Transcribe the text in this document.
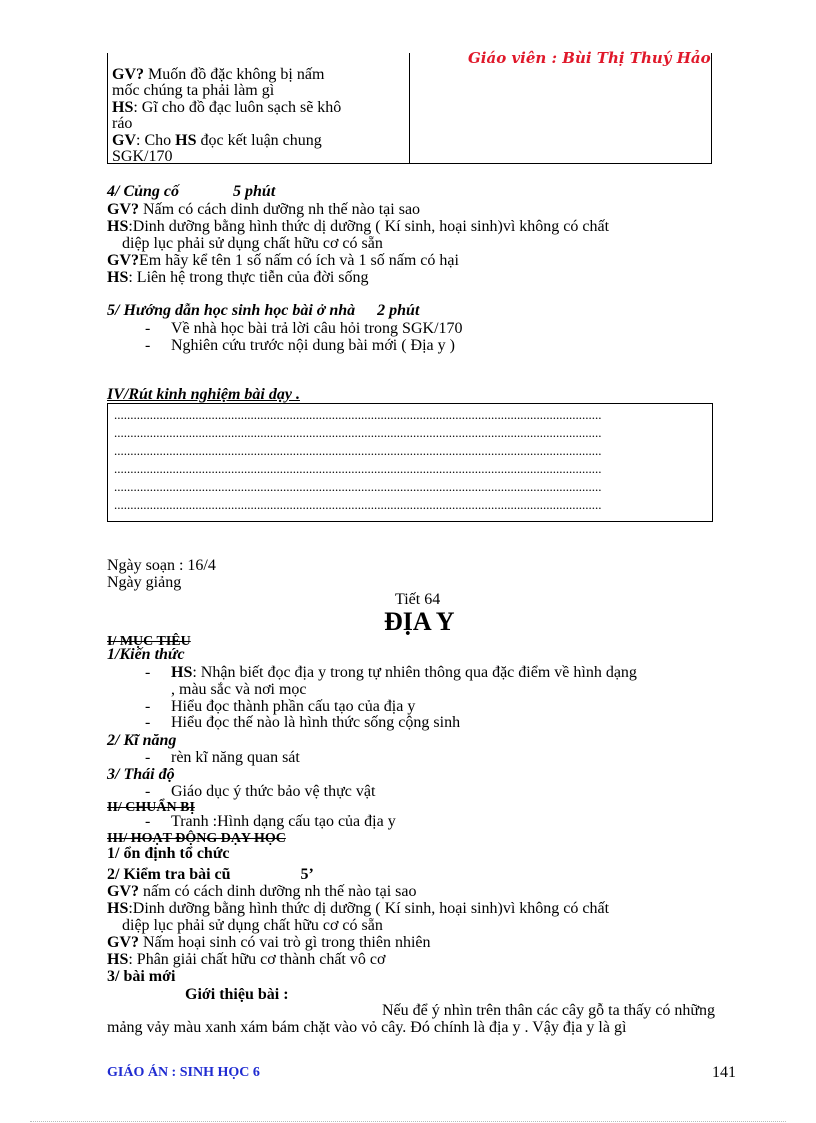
Giáo viên : Bùi Thị Thuý Hảo
GV? Muốn đồ đặc không bị nấm
mốc chúng ta phải làm gì
HS: Gĩ cho đồ đạc luôn sạch sẽ khô
ráo
GV: Cho HS đọc kết luận chung
SGK/170
4/ Củng cố	5 phút
GV? Nấm có cách dinh dưỡng nh thế nào tại sao
HS:Dinh dưỡng bằng hình thức dị dưỡng ( Kí sinh, hoại sinh)vì không có chất
diệp lục phải sử dụng chất hữu cơ có sẵn
GV?Em hãy kể tên 1 số nấm có ích và 1 số nấm có hại
HS: Liên hệ trong thực tiễn của đời sống
5/ Hướng dẫn học sinh học bài ở nhà 2 phút
- Về nhà học bài trả lời câu hỏi trong SGK/170
- Nghiên cứu trước nội dung bài mới ( Địa y )
IV/Rút kinh nghiệm bài dạy .
......................................................................................................................................................
......................................................................................................................................................
......................................................................................................................................................
......................................................................................................................................................
......................................................................................................................................................
......................................................................................................................................................
Ngày soạn : 16/4
Ngày giảng
Tiết 64
ĐỊA Y
I/ MỤC TIÊU
1/Kiến thức
- HS: Nhận biết đọc địa y trong tự nhiên thông qua đặc điểm về hình dạng
, màu sắc và nơi mọc
- Hiểu đọc thành phần cấu tạo của địa y
- Hiểu đọc thế nào là hình thức sống cộng sinh
2/ Kĩ năng
- rèn kĩ năng quan sát
3/ Thái độ
- Giáo dục ý thức bảo vệ thực vật
II/ CHUẨN BỊ
- Tranh :Hình dạng cấu tạo của địa y
III/ HOẠT ĐỘNG DẠY HỌC
1/ ổn định tổ chức
2/ Kiểm tra bài cũ	5’
GV? nấm có cách dinh dưỡng nh thế nào tại sao
HS:Dinh dưỡng bằng hình thức dị dưỡng ( Kí sinh, hoại sinh)vì không có chất
diệp lục phải sử dụng chất hữu cơ có sẵn
GV? Nấm hoại sinh có vai trò gì trong thiên nhiên
HS: Phân giải chất hữu cơ thành chất vô cơ
3/ bài mới
Giới thiệu bài :
Nếu để ý nhìn trên thân các cây gỗ ta thấy có những
mảng vảy màu xanh xám bám chặt vào vỏ cây. Đó chính là địa y . Vậy địa y là gì
GIÁO ÁN : SINH HỌC 6	141
